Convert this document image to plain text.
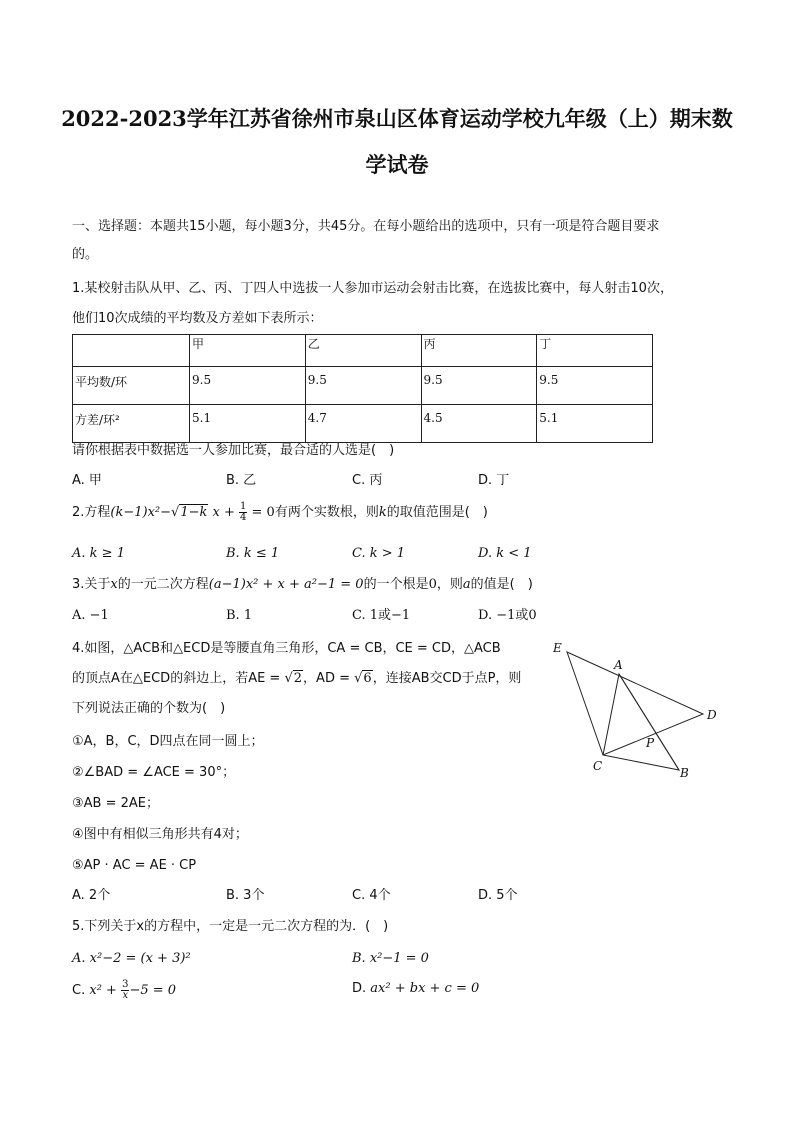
2022-2023学年江苏省徐州市泉山区体育运动学校九年级（上）期末数学试卷
一、选择题：本题共15小题，每小题3分，共45分。在每小题给出的选项中，只有一项是符合题目要求
的。
1.某校射击队从甲、乙、丙、丁四人中选拔一人参加市运动会射击比赛，在选拔比赛中，每人射击10次，
他们10次成绩的平均数及方差如下表所示：
	甲	乙	丙	丁
平均数/环	9.5	9.5	9.5	9.5
方差/环²	5.1	4.7	4.5	5.1
请你根据表中数据选一人参加比赛，最合适的人选是(　)
A. 甲	B. 乙	C. 丙	D. 丁
2.方程(k−1)x²−√1−k $x + \frac{1}{4} = 0$有两个实数根，则k的取值范围是(　)
A. k ≥ 1	B. k ≤ 1	C. k > 1	D. k < 1
3.关于x的一元二次方程(a−1)x² + x + a²−1 = 0的一个根是0，则a的值是(　)
A. −1	B. 1	C. 1或−1	D. −1或0
4.如图，△ACB和△ECD是等腰直角三角形，CA = CB，CE = CD，△ACB
的顶点A在△ECD的斜边上，若AE = √2，AD = √6，连接AB交CD于点P，则
下列说法正确的个数为(　)
①A，B，C，D四点在同一圆上；
②∠BAD = ∠ACE = 30°；
③AB = 2AE；
④图中有相似三角形共有4对；
⑤AP · AC = AE · CP
A. 2个	B. 3个	C. 4个	D. 5个
E
A
D
P
C	B
5.下列关于x的方程中，一定是一元二次方程的为．(　)
A. x²−2 = (x + 3)²	B. x²−1 = 0
C. $x^2 + \frac{3}{x} -5 = 0$	D. ax² + bx + c = 0
